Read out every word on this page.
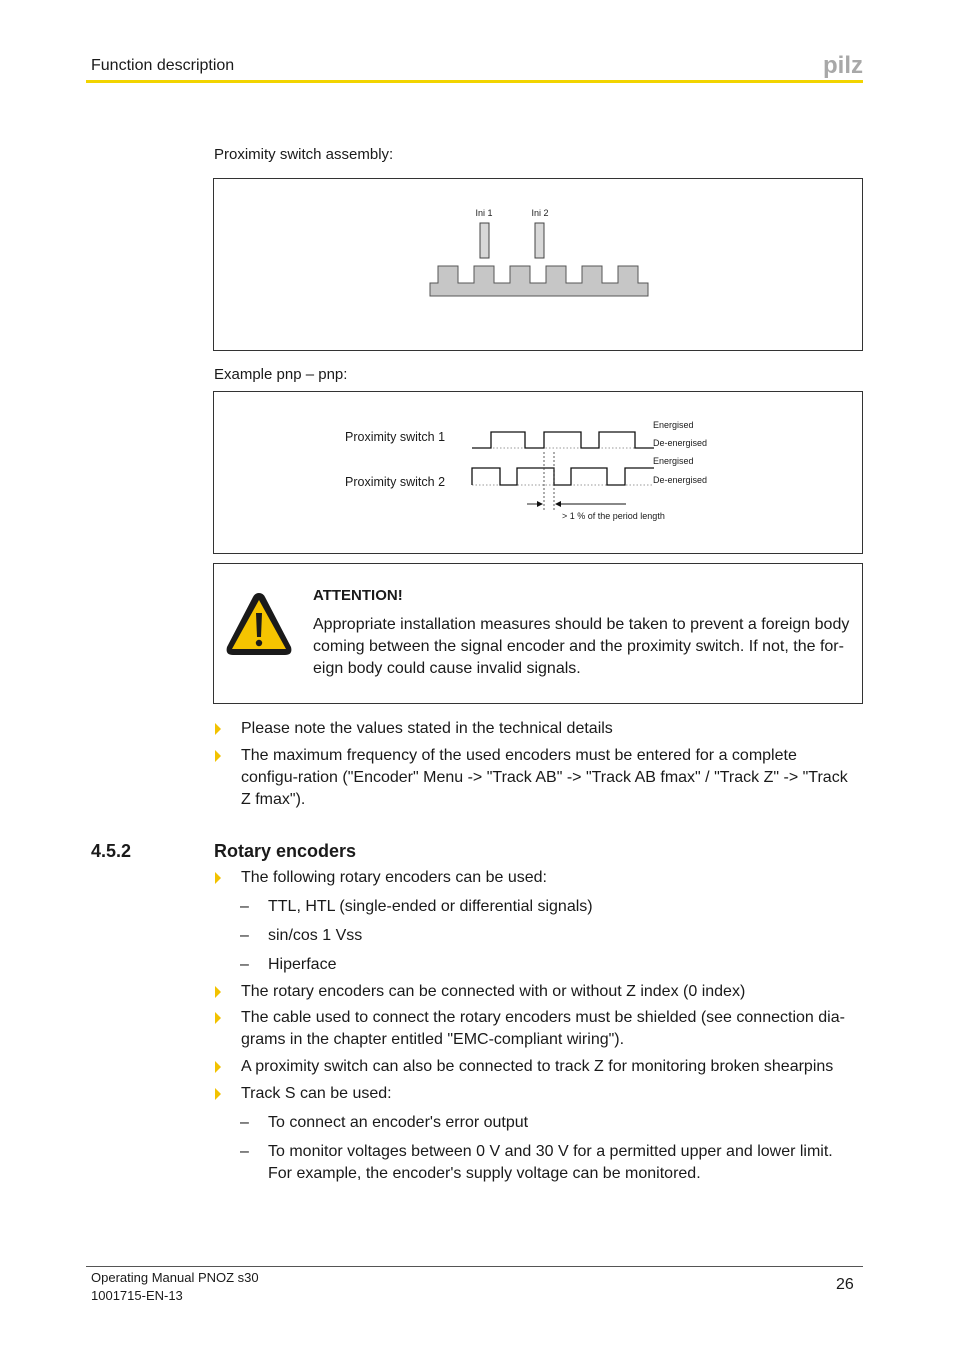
Function description	pilz
Proximity switch assembly:
Ini 1	Ini 2
Example pnp – pnp:
Proximity switch 1
Proximity switch 2
Energised
De-energised
Energised
De-energised
> 1 % of the period length
ATTENTION!
Appropriate installation measures should be taken to prevent a foreign body coming between the signal encoder and the proximity switch. If not, the for-eign body could cause invalid signals.
Please note the values stated in the technical details
The maximum frequency of the used encoders must be entered for a complete configu-ration ("Encoder" Menu -> "Track AB" -> "Track AB fmax" / "Track Z" -> "Track Z fmax").
4.5.2	Rotary encoders
The following rotary encoders can be used:
– TTL, HTL (single-ended or differential signals)
– sin/cos 1 Vss
– Hiperface
The rotary encoders can be connected with or without Z index (0 index)
The cable used to connect the rotary encoders must be shielded (see connection dia-grams in the chapter entitled "EMC-compliant wiring").
A proximity switch can also be connected to track Z for monitoring broken shearpins
Track S can be used:
– To connect an encoder's error output
– To monitor voltages between 0 V and 30 V for a permitted upper and lower limit. For example, the encoder's supply voltage can be monitored.
Operating Manual PNOZ s30
1001715-EN-13
26
